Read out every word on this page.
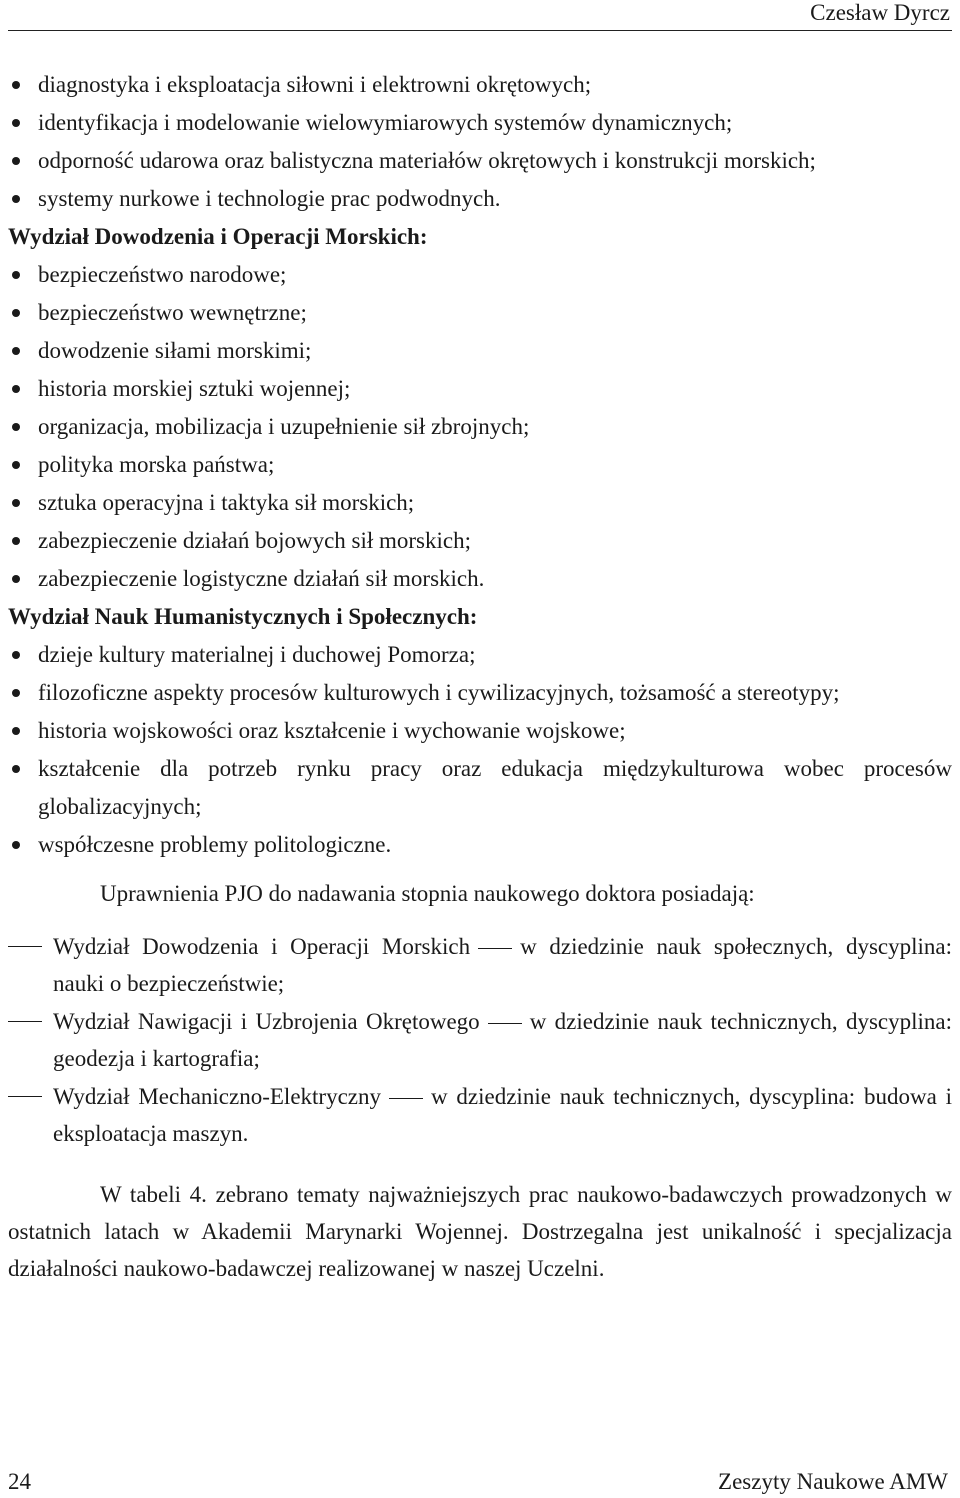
Czesław Dyrcz
diagnostyka i eksploatacja siłowni i elektrowni okrętowych;
identyfikacja i modelowanie wielowymiarowych systemów dynamicznych;
odporność udarowa oraz balistyczna materiałów okrętowych i konstrukcji morskich;
systemy nurkowe i technologie prac podwodnych.
Wydział Dowodzenia i Operacji Morskich:
bezpieczeństwo narodowe;
bezpieczeństwo wewnętrzne;
dowodzenie siłami morskimi;
historia morskiej sztuki wojennej;
organizacja, mobilizacja i uzupełnienie sił zbrojnych;
polityka morska państwa;
sztuka operacyjna i taktyka sił morskich;
zabezpieczenie działań bojowych sił morskich;
zabezpieczenie logistyczne działań sił morskich.
Wydział Nauk Humanistycznych i Społecznych:
dzieje kultury materialnej i duchowej Pomorza;
filozoficzne aspekty procesów kulturowych i cywilizacyjnych, tożsamość a stereotypy;
historia wojskowości oraz kształcenie i wychowanie wojskowe;
kształcenie dla potrzeb rynku pracy oraz edukacja międzykulturowa wobec procesów globalizacyjnych;
współczesne problemy politologiczne.

Uprawnienia PJO do nadawania stopnia naukowego doktora posiadają:

Wydział Dowodzenia i Operacji Morskich w dziedzinie nauk społecznych, dyscyplina: nauki o bezpieczeństwie;
Wydział Nawigacji i Uzbrojenia Okrętowego w dziedzinie nauk technicznych, dyscyplina: geodezja i kartografia;
Wydział Mechaniczno-Elektryczny w dziedzinie nauk technicznych, dyscyplina: budowa i eksploatacja maszyn.

W tabeli 4. zebrano tematy najważniejszych prac naukowo-badawczych prowadzonych w ostatnich latach w Akademii Marynarki Wojennej. Dostrzegalna jest unikalność i specjalizacja działalności naukowo-badawczej realizowanej w naszej Uczelni.

24	Zeszyty Naukowe AMW
